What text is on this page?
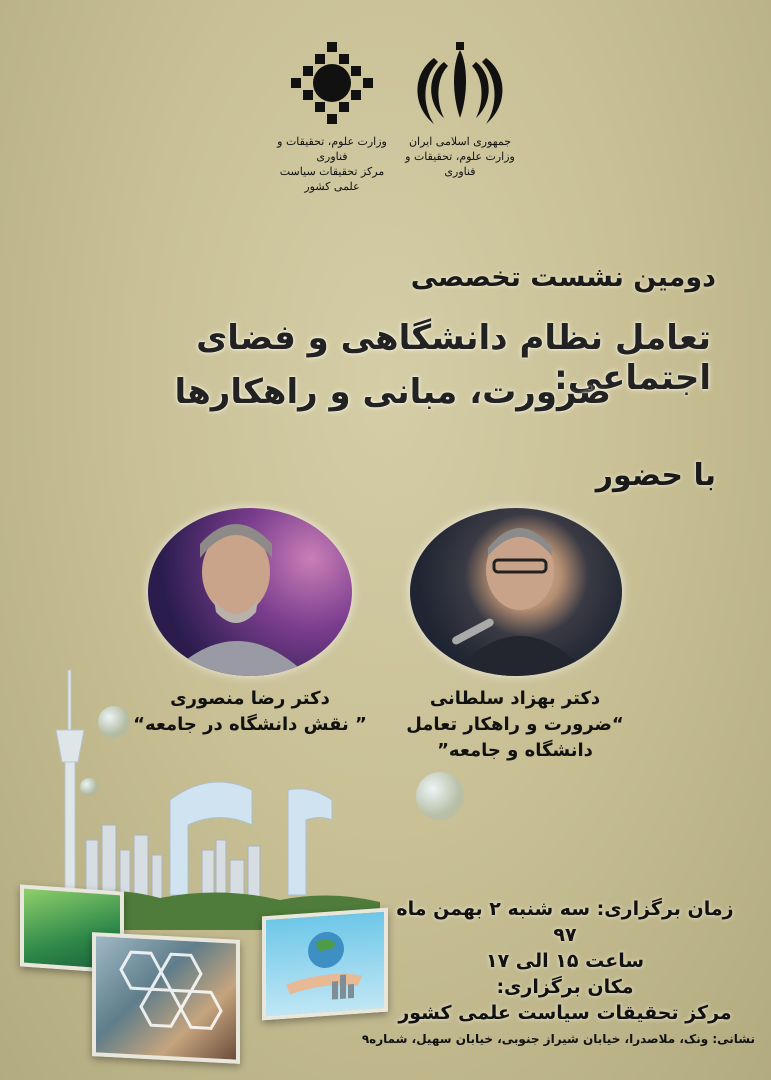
وزارت علوم، تحقیقات و فناوری
مرکز تحقیقات سیاست علمی کشور
جمهوری اسلامی ایران
وزارت علوم، تحقیقات و فناوری
دومین نشست تخصصی
تعامل نظام دانشگاهی و فضای اجتماعی:
ضرورت، مبانی و راهکارها
با حضور
دکتر بهزاد سلطانی
“ضرورت و راهکار تعامل
دانشگاه و جامعه”
دکتر رضا منصوری
” نقش دانشگاه در جامعه“
زمان برگزاری: سه شنبه ۲ بهمن ماه ۹۷
ساعت ۱۵ الی ۱۷
مکان برگزاری:
مرکز تحقیقات سیاست علمی کشور
نشانی: ونک، ملاصدرا، خیابان شیراز جنوبی، خیابان سهیل، شماره۹
